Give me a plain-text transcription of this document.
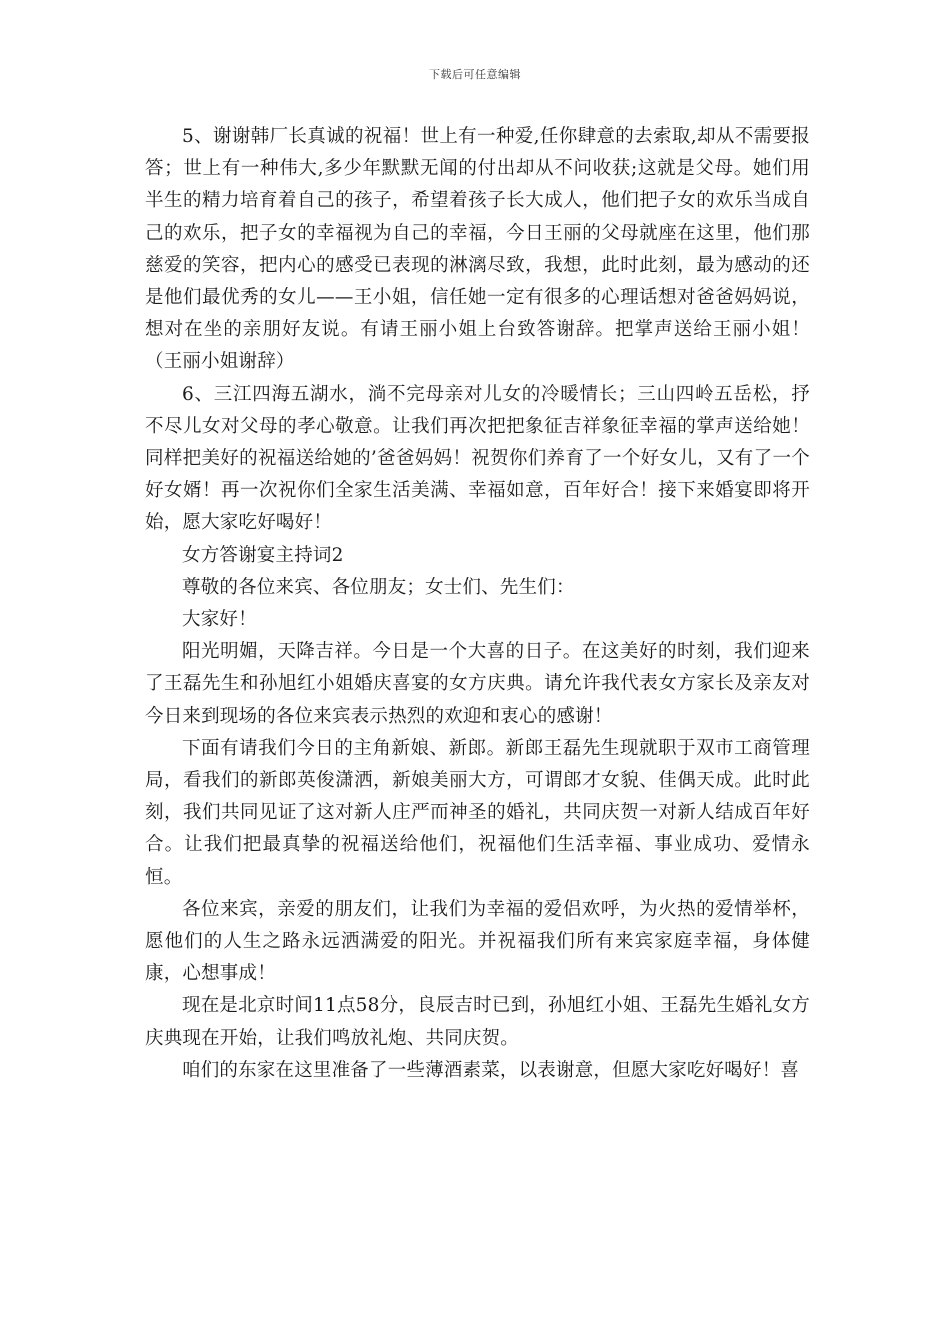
下载后可任意编辑

5、谢谢韩厂长真诚的祝福！世上有一种爱,任你肆意的去索取,却从不需要报答；世上有一种伟大,多少年默默无闻的付出却从不问收获;这就是父母。她们用半生的精力培育着自己的孩子，希望着孩子长大成人，他们把子女的欢乐当成自己的欢乐，把子女的幸福视为自己的幸福，今日王丽的父母就座在这里，他们那慈爱的笑容，把内心的感受已表现的淋漓尽致，我想，此时此刻，最为感动的还是他们最优秀的女儿——王小姐，信任她一定有很多的心理话想对爸爸妈妈说，想对在坐的亲朋好友说。有请王丽小姐上台致答谢辞。把掌声送给王丽小姐！（王丽小姐谢辞）

6、三江四海五湖水，淌不完母亲对儿女的冷暖情长；三山四岭五岳松，抒不尽儿女对父母的孝心敬意。让我们再次把把象征吉祥象征幸福的掌声送给她！同样把美好的祝福送给她的’爸爸妈妈！祝贺你们养育了一个好女儿，又有了一个好女婿！再一次祝你们全家生活美满、幸福如意，百年好合！接下来婚宴即将开始，愿大家吃好喝好！

女方答谢宴主持词2

尊敬的各位来宾、各位朋友；女士们、先生们：

大家好！

阳光明媚，天降吉祥。今日是一个大喜的日子。在这美好的时刻，我们迎来了王磊先生和孙旭红小姐婚庆喜宴的女方庆典。请允许我代表女方家长及亲友对今日来到现场的各位来宾表示热烈的欢迎和衷心的感谢！

下面有请我们今日的主角新娘、新郎。新郎王磊先生现就职于双市工商管理局，看我们的新郎英俊潇洒，新娘美丽大方，可谓郎才女貌、佳偶天成。此时此刻，我们共同见证了这对新人庄严而神圣的婚礼，共同庆贺一对新人结成百年好合。让我们把最真挚的祝福送给他们，祝福他们生活幸福、事业成功、爱情永恒。

各位来宾，亲爱的朋友们，让我们为幸福的爱侣欢呼，为火热的爱情举杯，愿他们的人生之路永远洒满爱的阳光。并祝福我们所有来宾家庭幸福，身体健康，心想事成！

现在是北京时间11点58分，良辰吉时已到，孙旭红小姐、王磊先生婚礼女方庆典现在开始，让我们鸣放礼炮、共同庆贺。

咱们的东家在这里准备了一些薄酒素菜，以表谢意，但愿大家吃好喝好！喜
